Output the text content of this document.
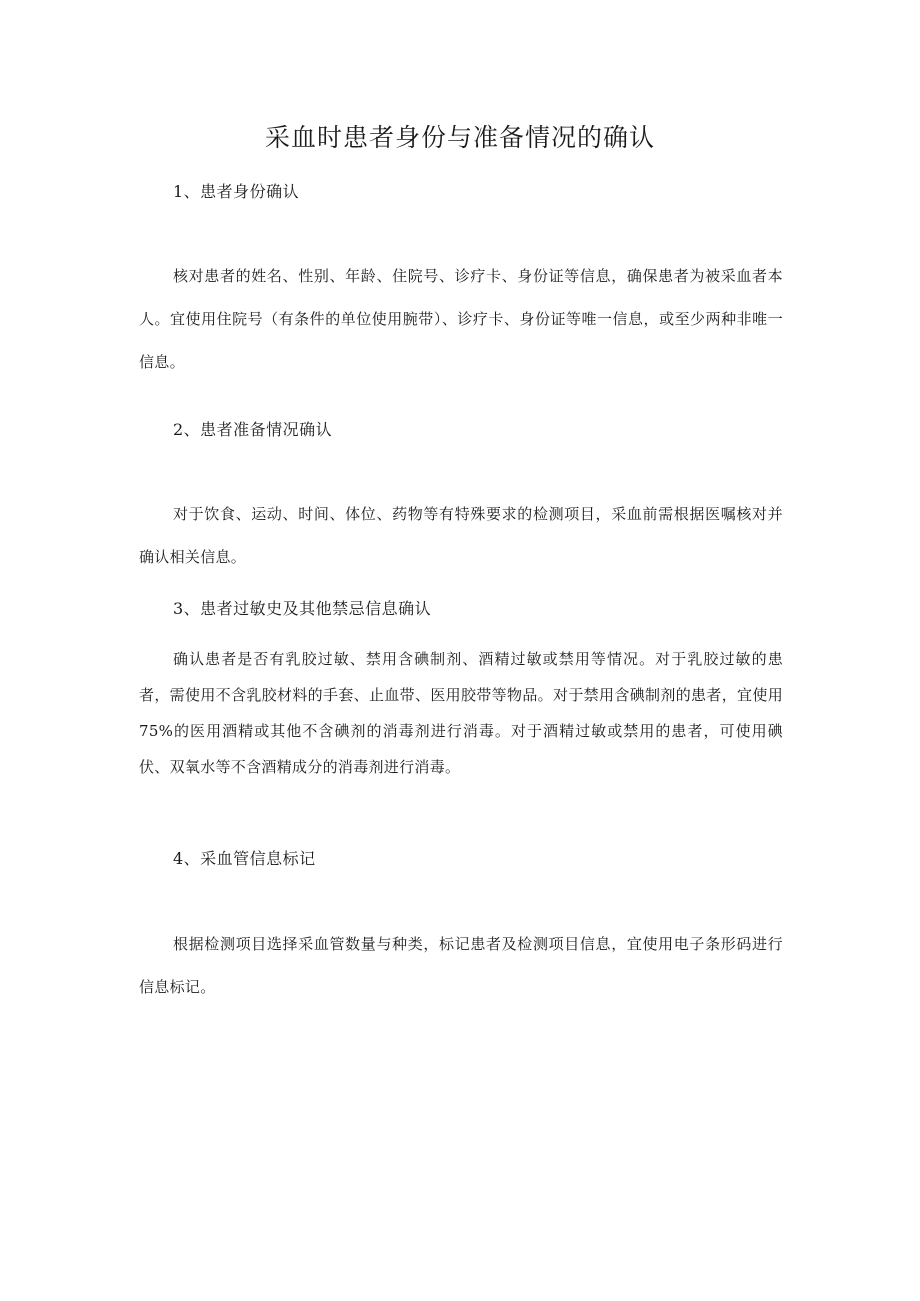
采血时患者身份与准备情况的确认
1、患者身份确认

核对患者的姓名、性别、年龄、住院号、诊疗卡、身份证等信息，确保患者为被采血者本人。宜使用住院号（有条件的单位使用腕带）、诊疗卡、身份证等唯一信息，或至少两种非唯一信息。

2、患者准备情况确认

对于饮食、运动、时间、体位、药物等有特殊要求的检测项目，采血前需根据医嘱核对并确认相关信息。

3、患者过敏史及其他禁忌信息确认

确认患者是否有乳胶过敏、禁用含碘制剂、酒精过敏或禁用等情况。对于乳胶过敏的患者，需使用不含乳胶材料的手套、止血带、医用胶带等物品。对于禁用含碘制剂的患者，宜使用75%的医用酒精或其他不含碘剂的消毒剂进行消毒。对于酒精过敏或禁用的患者，可使用碘伏、双氧水等不含酒精成分的消毒剂进行消毒。

4、采血管信息标记

根据检测项目选择采血管数量与种类，标记患者及检测项目信息，宜使用电子条形码进行信息标记。
